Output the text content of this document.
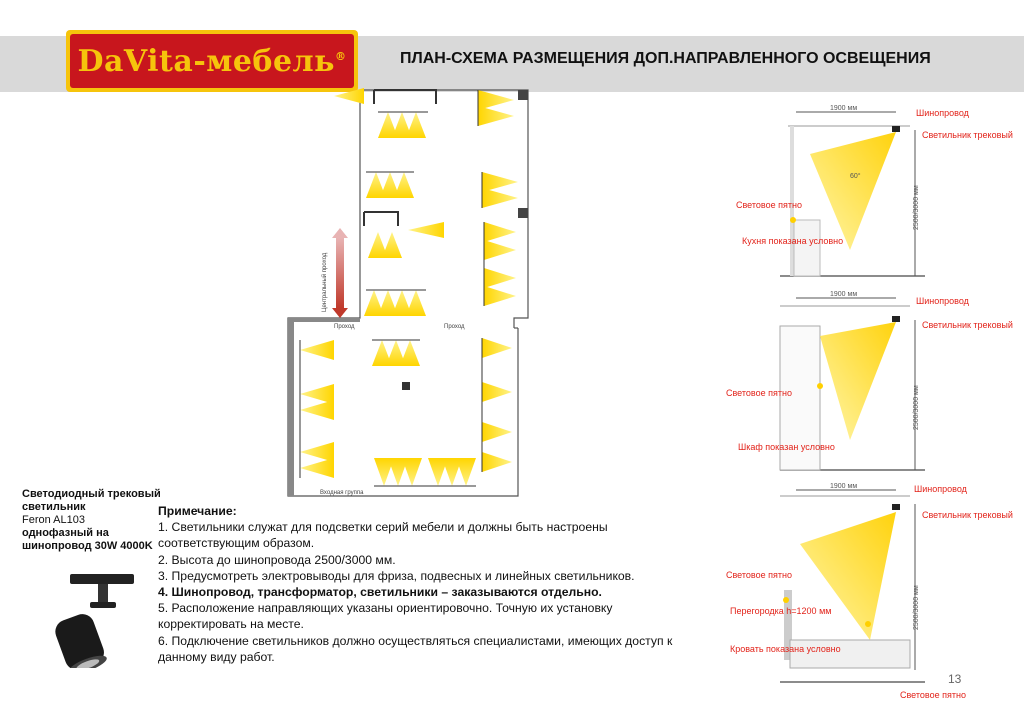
DaVita-мебель®	ПЛАН-СХЕМА РАЗМЕЩЕНИЯ ДОП.НАПРАВЛЕННОГО ОСВЕЩЕНИЯ
Центральный проход
Проход	Проход
Входная группа
Светодиодный трековый светильник
Feron AL103
однофазный на шинопровод 30W 4000K
Примечание:
1. Светильники служат для подсветки серий мебели и должны быть настроены соответствующим образом.
2. Высота до шинопровода 2500/3000 мм.
3. Предусмотреть электровыводы для фриза, подвесных и линейных светильников.
4. Шинопровод, трансформатор, светильники – заказываются отдельно.
5. Расположение направляющих указаны ориентировочно. Точную их установку корректировать на месте.
6. Подключение светильников должно осуществляться специалистами, имеющих доступ к данному виду работ.
1900 мм
2500/3000 мм
60°
Шинопровод
Светильник трековый
Световое пятно
Кухня показана условно
1900 мм
2500/3000 мм
Шинопровод
Светильник трековый
Световое пятно
Шкаф показан условно
1900 мм
2500/3000 мм
Шинопровод
Светильник трековый
Световое пятно
Перегородка h=1200 мм
Кровать показана условно
Световое пятно
13
